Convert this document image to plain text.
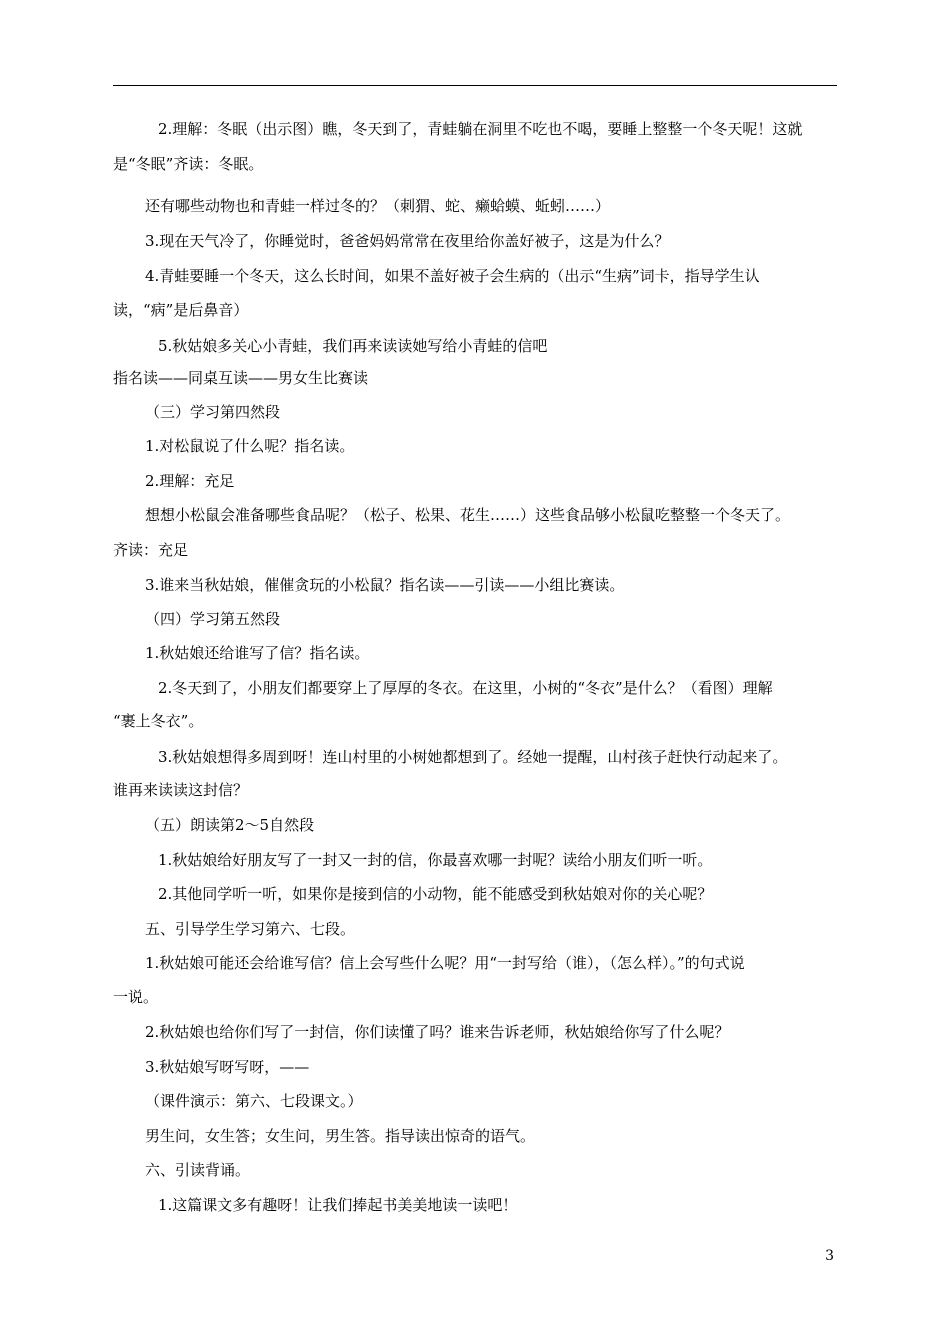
2.理解：冬眠（出示图）瞧，冬天到了，青蛙躺在洞里不吃也不喝，要睡上整整一个冬天呢！这就
是“冬眠”齐读：冬眠。
还有哪些动物也和青蛙一样过冬的？（刺猬、蛇、癞蛤蟆、蚯蚓……）
3.现在天气冷了，你睡觉时，爸爸妈妈常常在夜里给你盖好被子，这是为什么？
4.青蛙要睡一个冬天，这么长时间，如果不盖好被子会生病的（出示“生病”词卡，指导学生认
读，“病”是后鼻音）
5.秋姑娘多关心小青蛙，我们再来读读她写给小青蛙的信吧
指名读——同桌互读——男女生比赛读
（三）学习第四然段
1.对松鼠说了什么呢？指名读。
2.理解：充足
想想小松鼠会准备哪些食品呢？（松子、松果、花生……）这些食品够小松鼠吃整整一个冬天了。
齐读：充足
3.谁来当秋姑娘，催催贪玩的小松鼠？指名读——引读——小组比赛读。
（四）学习第五然段
1.秋姑娘还给谁写了信？指名读。
2.冬天到了，小朋友们都要穿上了厚厚的冬衣。在这里，小树的“冬衣”是什么？（看图）理解
“裹上冬衣”。
3.秋姑娘想得多周到呀！连山村里的小树她都想到了。经她一提醒，山村孩子赶快行动起来了。
谁再来读读这封信？
（五）朗读第2～5自然段
1.秋姑娘给好朋友写了一封又一封的信，你最喜欢哪一封呢？读给小朋友们听一听。
2.其他同学听一听，如果你是接到信的小动物，能不能感受到秋姑娘对你的关心呢？
五、引导学生学习第六、七段。
1.秋姑娘可能还会给谁写信？信上会写些什么呢？用“一封写给（谁），（怎么样）。”的句式说
一说。
2.秋姑娘也给你们写了一封信，你们读懂了吗？谁来告诉老师，秋姑娘给你写了什么呢？
3.秋姑娘写呀写呀，——
（课件演示：第六、七段课文。）
男生问，女生答；女生问，男生答。指导读出惊奇的语气。
六、引读背诵。
1.这篇课文多有趣呀！让我们捧起书美美地读一读吧！
3
